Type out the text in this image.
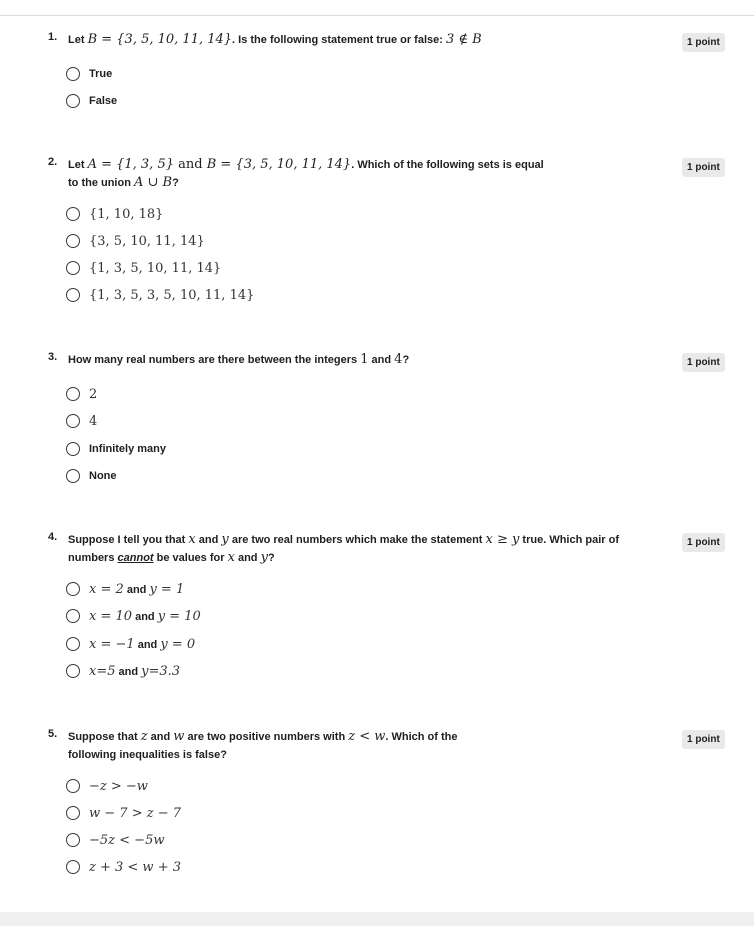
1. Let B = {3, 5, 10, 11, 14}. Is the following statement true or false: 3 ∉ B	1 point
True
False
2. Let A = {1, 3, 5} and B = {3, 5, 10, 11, 14}. Which of the following sets is equal
to the union A ∪ B?
1 point
{1, 10, 18}
{3, 5, 10, 11, 14}
{1, 3, 5, 10, 11, 14}
{1, 3, 5, 3, 5, 10, 11, 14}
3. How many real numbers are there between the integers 1 and 4?	1 point
2
4
Infinitely many
None
4. Suppose I tell you that x and y are two real numbers which make the statement x ≥ y true. Which pair of
numbers cannot be values for x and y?
1 point
x = 2 and y = 1
x = 10 and y = 10
x = −1 and y = 0
x=5 and y=3.3
5. Suppose that z and w are two positive numbers with z < w. Which of the
following inequalities is false?
1 point
−z > −w
w − 7 > z − 7
−5z < −5w
z + 3 < w + 3
